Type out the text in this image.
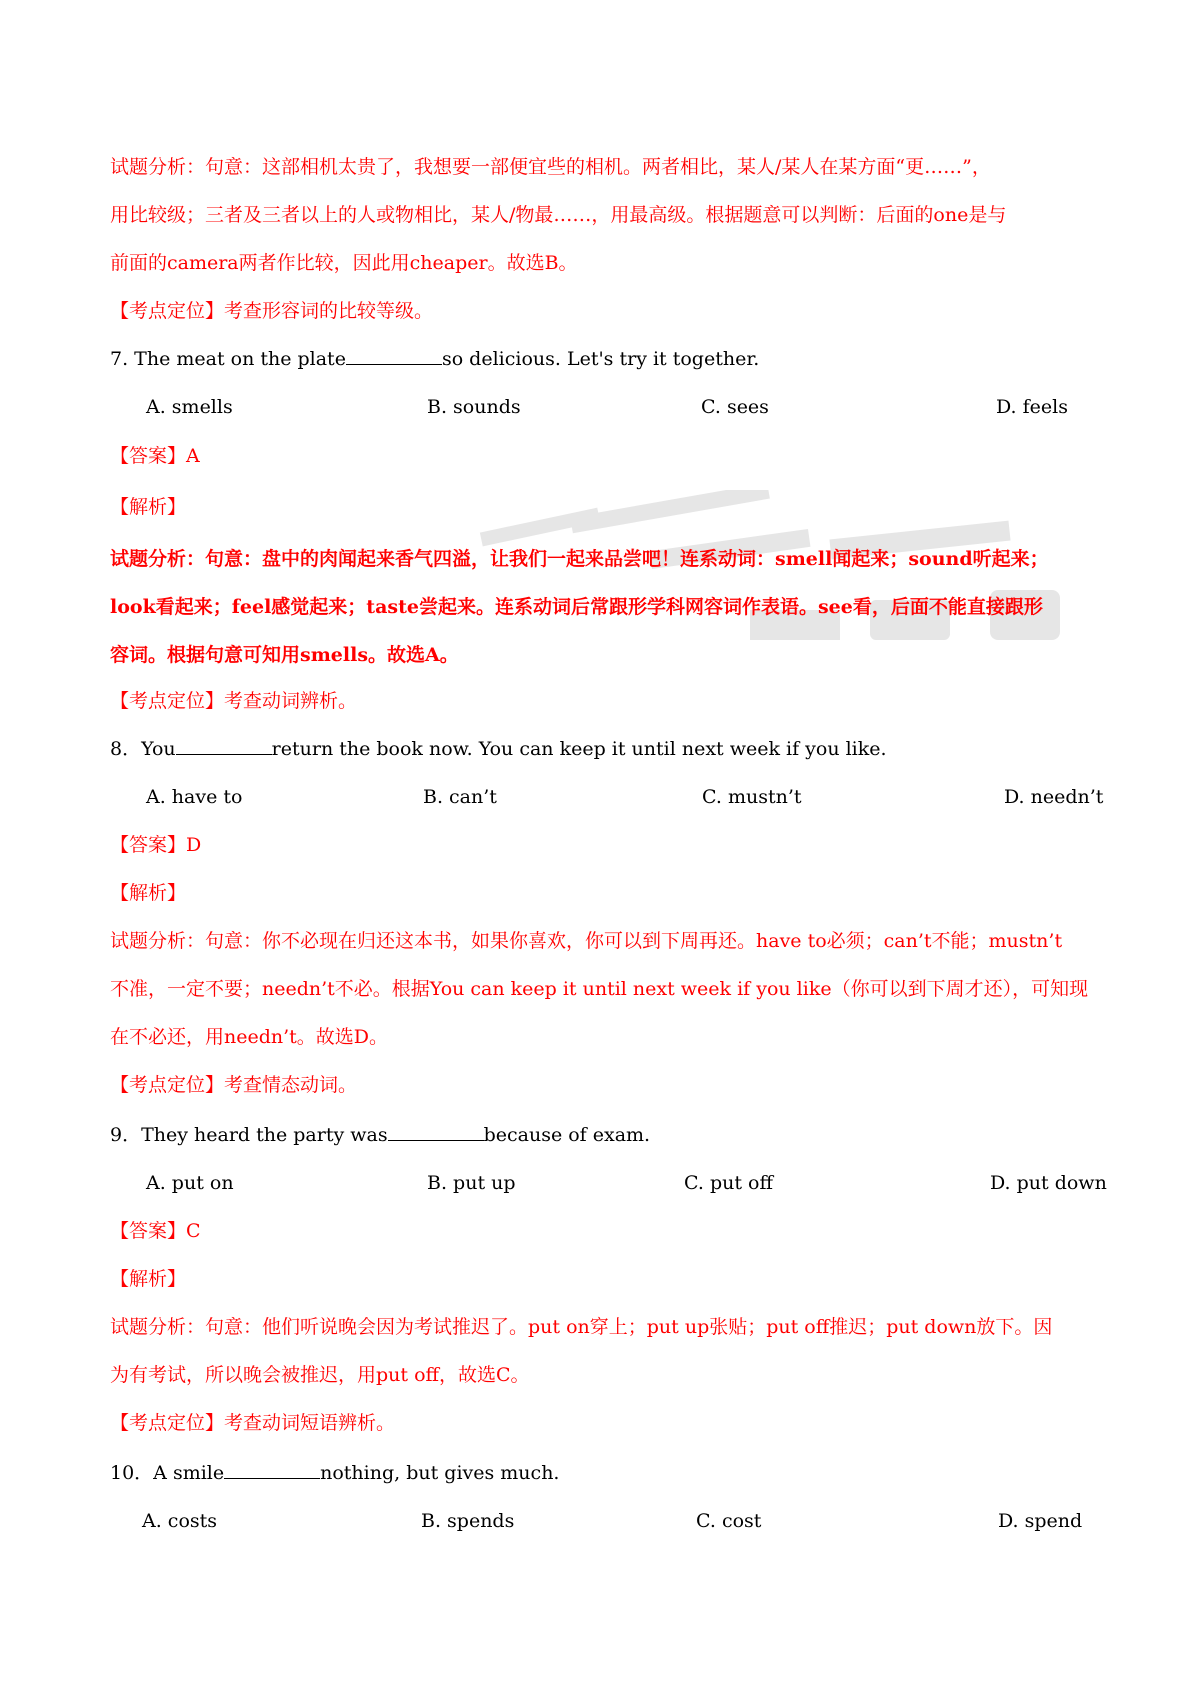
试题分析：句意：这部相机太贵了，我想要一部便宜些的相机。两者相比，某人/某人在某方面“更……”，
用比较级；三者及三者以上的人或物相比，某人/物最……，用最高级。根据题意可以判断：后面的one是与
前面的camera两者作比较，因此用cheaper。故选B。
【考点定位】考查形容词的比较等级。
7. The meat on the plate	so delicious. Let's try it together.
A. smells	B. sounds	C. sees	D. feels
【答案】A
【解析】
试题分析：句意：盘中的肉闻起来香气四溢，让我们一起来品尝吧！连系动词：smell闻起来；sound听起来；
look看起来；feel感觉起来；taste尝起来。连系动词后常跟形学科网容词作表语。see看，后面不能直接跟形
容词。根据句意可知用smells。故选A。
【考点定位】考查动词辨析。
8．You	return the book now. You can keep it until next week if you like.
A. have to	B. can’t	C. mustn’t	D. needn’t
【答案】D
【解析】
试题分析：句意：你不必现在归还这本书，如果你喜欢，你可以到下周再还。have to必须；can’t不能；mustn’t
不准，一定不要；needn’t不必。根据You can keep it until next week if you like（你可以到下周才还），可知现
在不必还，用needn’t。故选D。
【考点定位】考查情态动词。
9．They heard the party was	because of exam.
A. put on	B. put up	C. put off	D. put down
【答案】C
【解析】
试题分析：句意：他们听说晚会因为考试推迟了。put on穿上；put up张贴；put off推迟；put down放下。因
为有考试，所以晚会被推迟，用put off，故选C。
【考点定位】考查动词短语辨析。
10．A smile	nothing, but gives much.
A. costs	B. spends	C. cost	D. spend
